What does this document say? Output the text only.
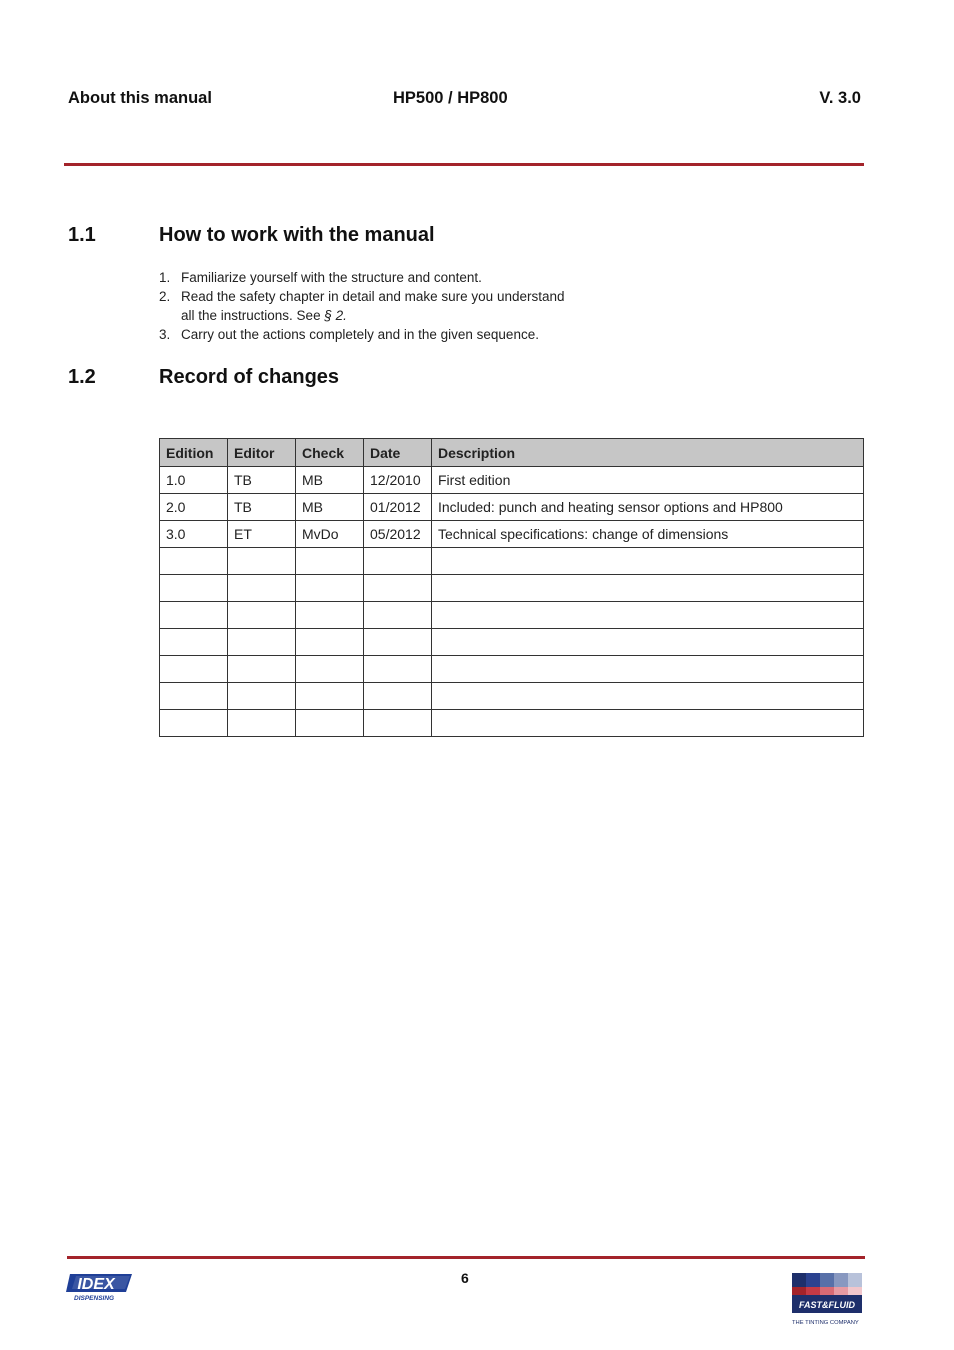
About this manual	HP500 / HP800	V. 3.0
1.1	How to work with the manual
1. Familiarize yourself with the structure and content.
2. Read the safety chapter in detail and make sure you understand all the instructions. See § 2.
3. Carry out the actions completely and in the given sequence.
1.2	Record of changes
Edition	Editor	Check	Date	Description
1.0	TB	MB	12/2010	First edition
2.0	TB	MB	01/2012	Included: punch and heating sensor options and HP800
3.0	ET	MvDo	05/2012	Technical specifications: change of dimensions

IDEX
DISPENSING
6
FAST&FLUID
THE TINTING COMPANY
